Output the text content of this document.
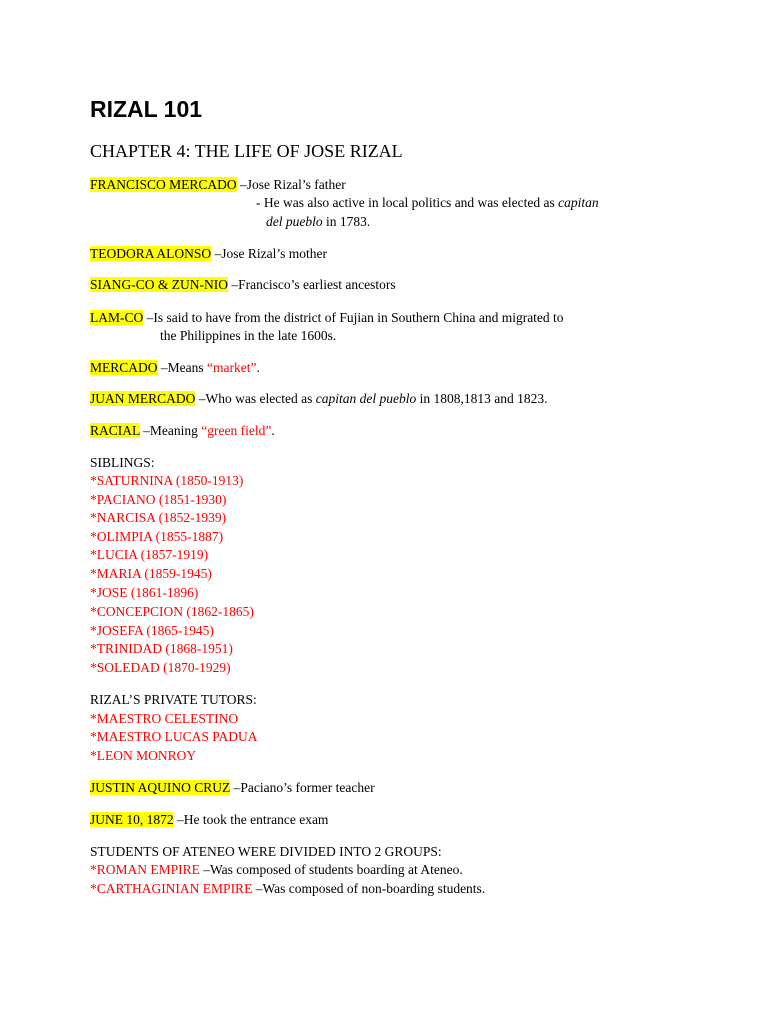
RIZAL 101
CHAPTER 4: THE LIFE OF JOSE RIZAL
FRANCISCO MERCADO –Jose Rizal’s father
- He was also active in local politics and was elected as capitan
del pueblo in 1783.
TEODORA ALONSO –Jose Rizal’s mother
SIANG-CO & ZUN-NIO –Francisco’s earliest ancestors
LAM-CO –Is said to have from the district of Fujian in Southern China and migrated to
the Philippines in the late 1600s.
MERCADO –Means “market”.
JUAN MERCADO –Who was elected as capitan del pueblo in 1808,1813 and 1823.
RACIAL –Meaning “green field”.
SIBLINGS:
*SATURNINA (1850-1913)
*PACIANO (1851-1930)
*NARCISA (1852-1939)
*OLIMPIA (1855-1887)
*LUCIA (1857-1919)
*MARIA (1859-1945)
*JOSE (1861-1896)
*CONCEPCION (1862-1865)
*JOSEFA (1865-1945)
*TRINIDAD (1868-1951)
*SOLEDAD (1870-1929)
RIZAL’S PRIVATE TUTORS:
*MAESTRO CELESTINO
*MAESTRO LUCAS PADUA
*LEON MONROY
JUSTIN AQUINO CRUZ –Paciano’s former teacher
JUNE 10, 1872 –He took the entrance exam
STUDENTS OF ATENEO WERE DIVIDED INTO 2 GROUPS:
*ROMAN EMPIRE –Was composed of students boarding at Ateneo.
*CARTHAGINIAN EMPIRE –Was composed of non-boarding students.
